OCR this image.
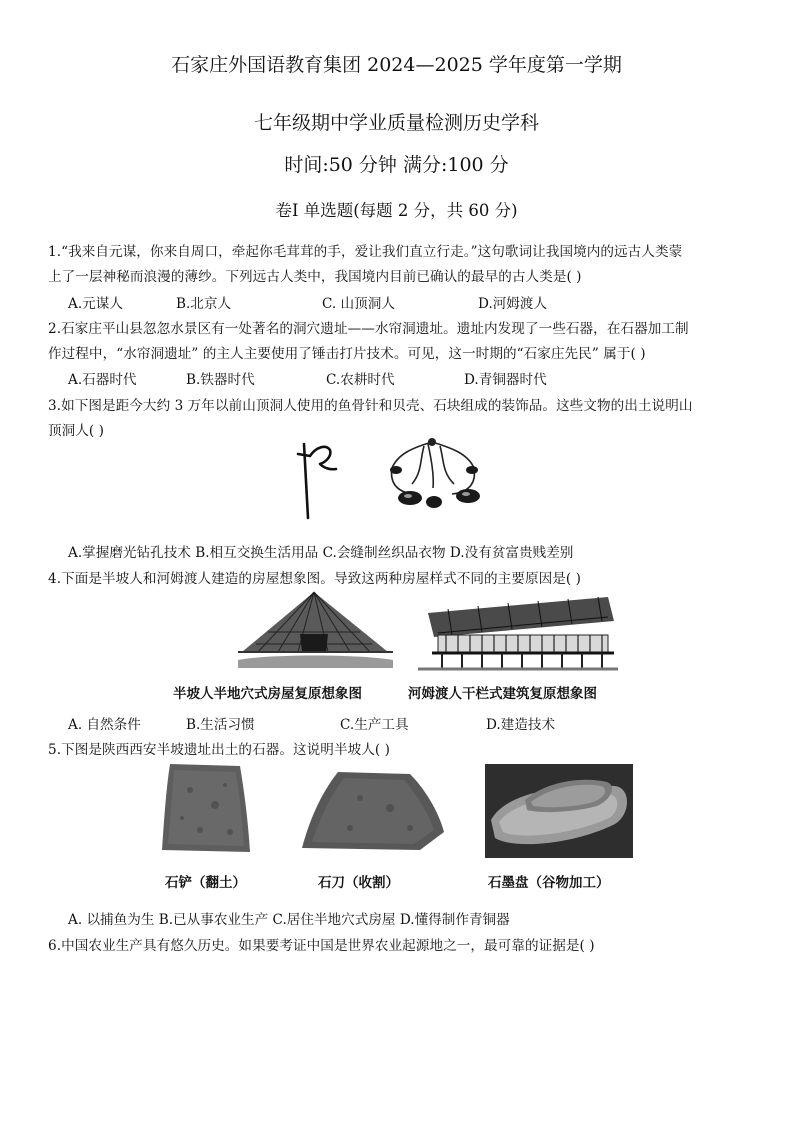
石家庄外国语教育集团 2024—2025 学年度第一学期
七年级期中学业质量检测历史学科
时间:50 分钟 满分:100 分
卷Ⅰ 单选题(每题 2 分，共 60 分)
1.“我来自元谋，你来自周口，牵起你毛茸茸的手，爱让我们直立行走。”这句歌词让我国境内的远古人类蒙
上了一层神秘而浪漫的薄纱。下列远古人类中，我国境内目前已确认的最早的古人类是( )
A.元谋人	B.北京人	C. 山顶洞人	D.河姆渡人
2.石家庄平山县忽忽水景区有一处著名的洞穴遗址——水帘洞遗址。遗址内发现了一些石器，在石器加工制
作过程中，“水帘洞遗址” 的主人主要使用了锤击打片技术。可见，这一时期的“石家庄先民” 属于( )
A.石器时代	B.铁器时代	C.农耕时代	D.青铜器时代
3.如下图是距今大约 3 万年以前山顶洞人使用的鱼骨针和贝壳、石块组成的装饰品。这些文物的出土说明山
顶洞人( )
A.掌握磨光钻孔技术 B.相互交换生活用品 C.会缝制丝织品衣物 D.没有贫富贵贱差别
4.下面是半坡人和河姆渡人建造的房屋想象图。导致这两种房屋样式不同的主要原因是( )
半坡人半地穴式房屋复原想象图	河姆渡人干栏式建筑复原想象图
A. 自然条件	B.生活习惯	C.生产工具	D.建造技术
5.下图是陕西西安半坡遗址出土的石器。这说明半坡人( )
石铲（翻土）	石刀（收割）	石墨盘（谷物加工）
A. 以捕鱼为生 B.已从事农业生产 C.居住半地穴式房屋 D.懂得制作青铜器
6.中国农业生产具有悠久历史。如果要考证中国是世界农业起源地之一，最可靠的证据是( )
